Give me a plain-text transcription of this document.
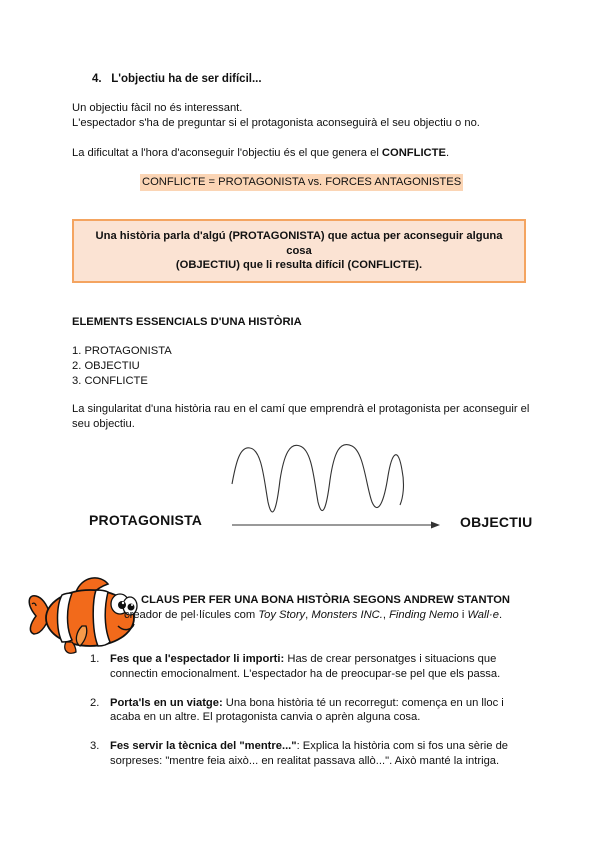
4. L'objectiu ha de ser difícil...

Un objectiu fàcil no és interessant.

L'espectador s'ha de preguntar si el protagonista aconseguirà el seu objectiu o no.

La dificultat a l'hora d'aconseguir l'objectiu és el que genera el CONFLICTE.

CONFLICTE = PROTAGONISTA vs. FORCES ANTAGONISTES
Una història parla d'algú (PROTAGONISTA) que actua per aconseguir alguna cosa
(OBJECTIU) que li resulta difícil (CONFLICTE).
ELEMENTS ESSENCIALS D'UNA HISTÒRIA
1. PROTAGONISTA
2. OBJECTIU
3. CONFLICTE

La singularitat d'una història rau en el camí que emprendrà el protagonista per aconseguir el seu objectiu.

PROTAGONISTA	OBJECTIU
CLAUS PER FER UNA BONA HISTÒRIA SEGONS ANDREW STANTON
creador de pel·lícules com Toy Story, Monsters INC., Finding Nemo i Wall·e.
1. Fes que a l'espectador li importi: Has de crear personatges i situacions que connectin emocionalment. L'espectador ha de preocupar-se pel que els passa.
2. Porta'ls en un viatge: Una bona història té un recorregut: comença en un lloc i acaba en un altre. El protagonista canvia o aprèn alguna cosa.
3. Fes servir la tècnica del "mentre...": Explica la història com si fos una sèrie de sorpreses: "mentre feia això... en realitat passava allò...". Això manté la intriga.
